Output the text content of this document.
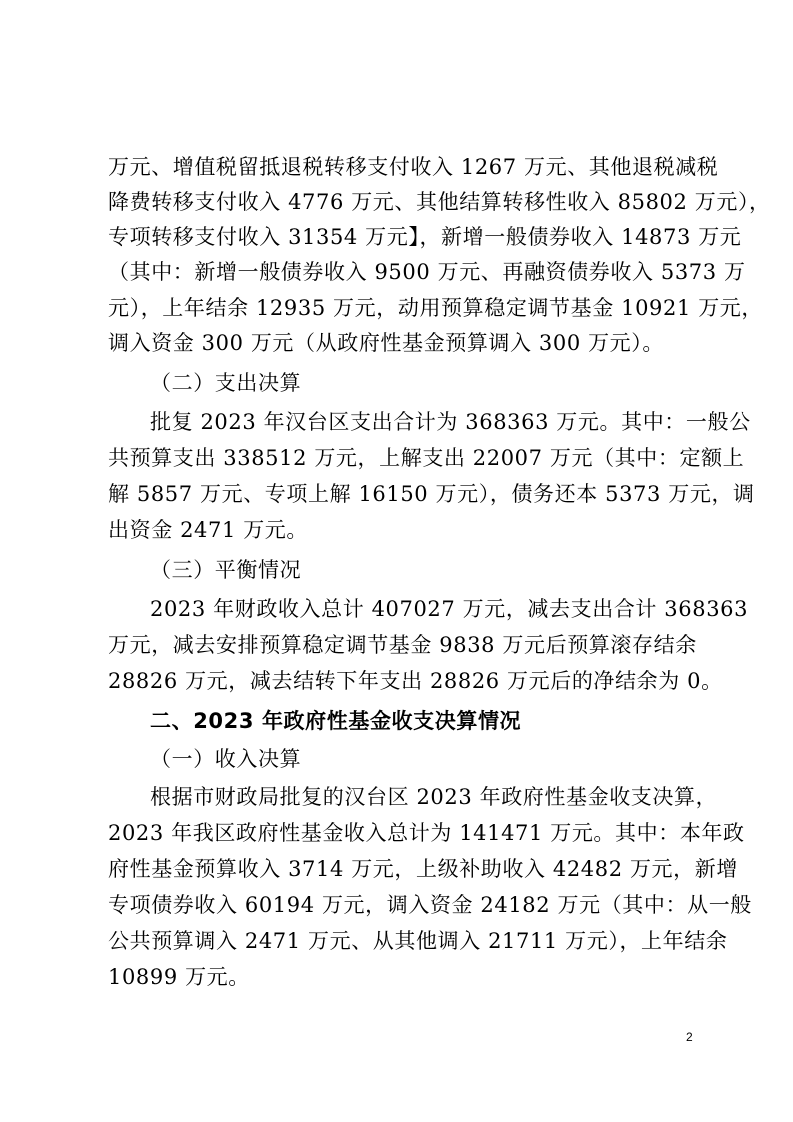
万元、增值税留抵退税转移支付收入 1267 万元、其他退税减税
降费转移支付收入 4776 万元、其他结算转移性收入 85802 万元），
专项转移支付收入 31354 万元】，新增一般债券收入 14873 万元
（其中：新增一般债券收入 9500 万元、再融资债券收入 5373 万
元），上年结余 12935 万元，动用预算稳定调节基金 10921 万元，
调入资金 300 万元（从政府性基金预算调入 300 万元）。
（二）支出决算
批复 2023 年汉台区支出合计为 368363 万元。其中：一般公
共预算支出 338512 万元，上解支出 22007 万元（其中：定额上
解 5857 万元、专项上解 16150 万元），债务还本 5373 万元，调
出资金 2471 万元。
（三）平衡情况
2023 年财政收入总计 407027 万元，减去支出合计 368363
万元，减去安排预算稳定调节基金 9838 万元后预算滚存结余
28826 万元，减去结转下年支出 28826 万元后的净结余为 0。
二、2023 年政府性基金收支决算情况
（一）收入决算
根据市财政局批复的汉台区 2023 年政府性基金收支决算，
2023 年我区政府性基金收入总计为 141471 万元。其中：本年政
府性基金预算收入 3714 万元，上级补助收入 42482 万元，新增
专项债券收入 60194 万元，调入资金 24182 万元（其中：从一般
公共预算调入 2471 万元、从其他调入 21711 万元），上年结余
10899 万元。
2
